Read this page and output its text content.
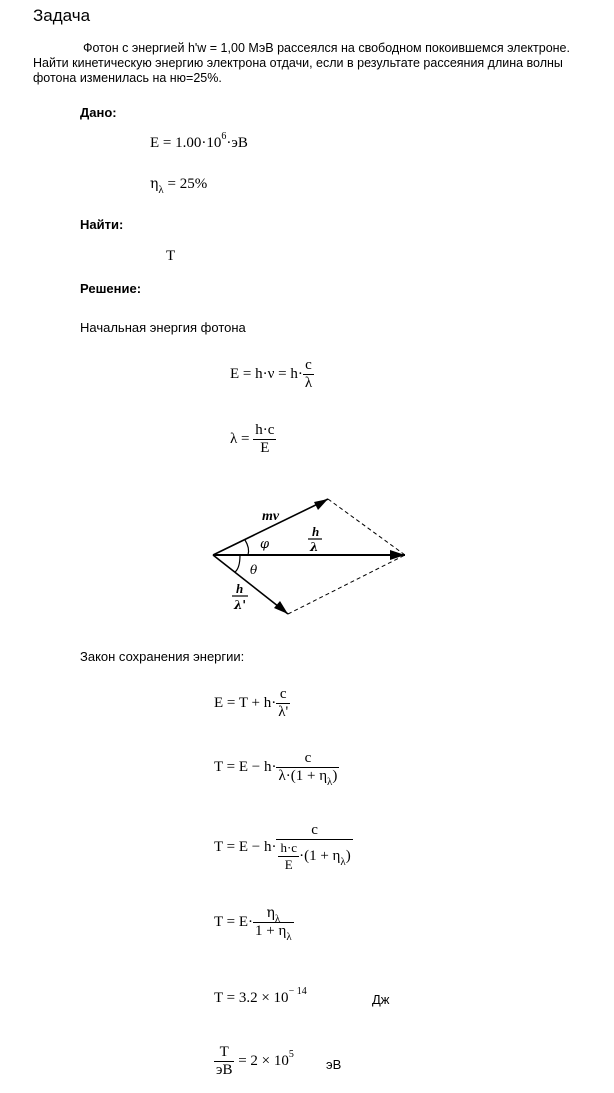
Задача
Фотон с энергией h'w = 1,00 МэВ рассеялся на свободном покоившемся электроне. Найти кинетическую энергию электрона отдачи, если в результате рассеяния длина волны фотона изменилась на ню=25%.
Дано:
$E = 1.00\cdot 10^6\cdot эВ$
$\eta_\lambda = 25\%$
Найти:
T
Решение:
Начальная энергия фотона
$E = h\cdot\nu = h\cdot \frac{c}{\lambda}$
$\lambda = \frac{h\cdot c}{E}$
mv
φ
θ
h
λ
h
λ'
Закон сохранения энергии:
$E = T + h\cdot \frac{c}{\lambda'}$
$T = E - h\cdot \frac{c}{\lambda\cdot(1 + \eta_\lambda)}$
$T = E - h\cdot \frac{c}{\frac{h\cdot c}{E} \cdot(1 + \eta_\lambda)}$
$T = E\cdot \frac{\eta_\lambda}{1 + \eta_\lambda}$
$T = 3.2 \times 10^{- 14}$
Дж
$\frac{T}{эВ} = 2 \times 10^5$
эВ
